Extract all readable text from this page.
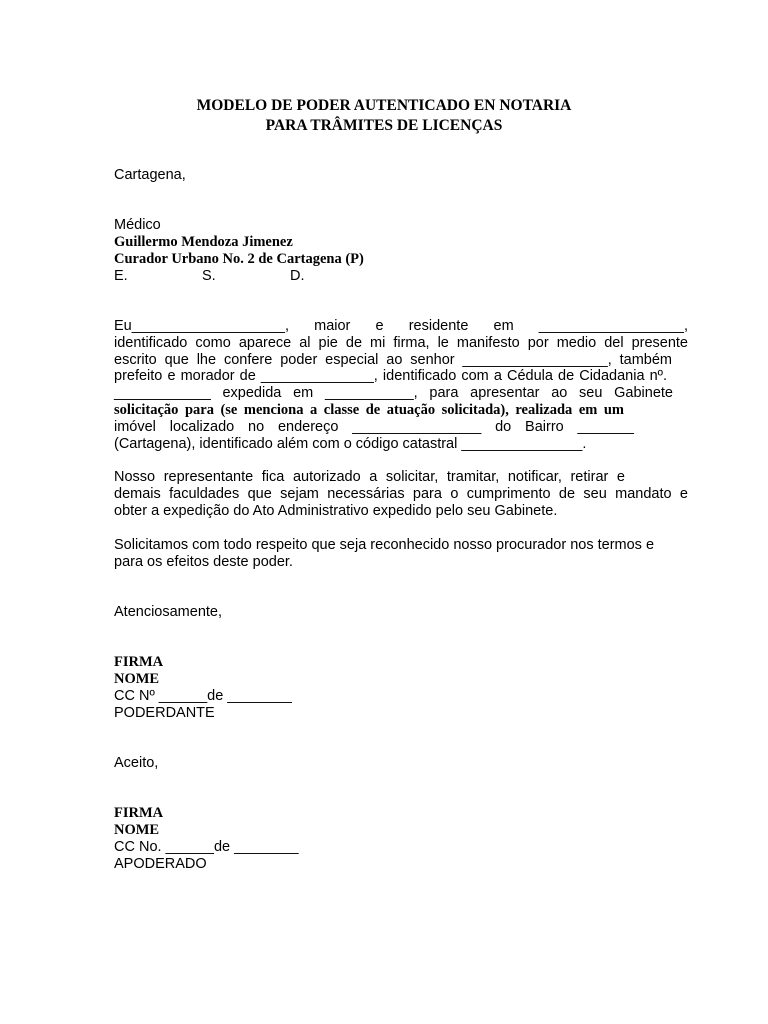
MODELO DE PODER AUTENTICADO EN NOTARIA
PARA TRÂMITES DE LICENÇAS
Cartagena,
Médico
Guillermo Mendoza Jimenez
Curador Urbano No. 2 de Cartagena (P)
E.	S.	D.
Eu___________________, maior e residente em __________________,
identificado como aparece al pie de mi firma, le manifesto por medio del presente
escrito que lhe confere poder especial ao senhor __________________, também
prefeito e morador de ______________, identificado com a Cédula de Cidadania nº.
____________ expedida em ___________, para apresentar ao seu Gabinete
solicitação para (se menciona a classe de atuação solicitada), realizada em um
imóvel localizado no endereço ________________ do Bairro _______
(Cartagena), identificado além com o código catastral _______________.
Nosso representante fica autorizado a solicitar, tramitar, notificar, retirar e
demais faculdades que sejam necessárias para o cumprimento de seu mandato e
obter a expedição do Ato Administrativo expedido pelo seu Gabinete.
Solicitamos com todo respeito que seja reconhecido nosso procurador nos termos e
para os efeitos deste poder.
Atenciosamente,
FIRMA
NOME
CC Nº ______de ________
PODERDANTE
Aceito,
FIRMA
NOME
CC No. ______de ________
APODERADO
